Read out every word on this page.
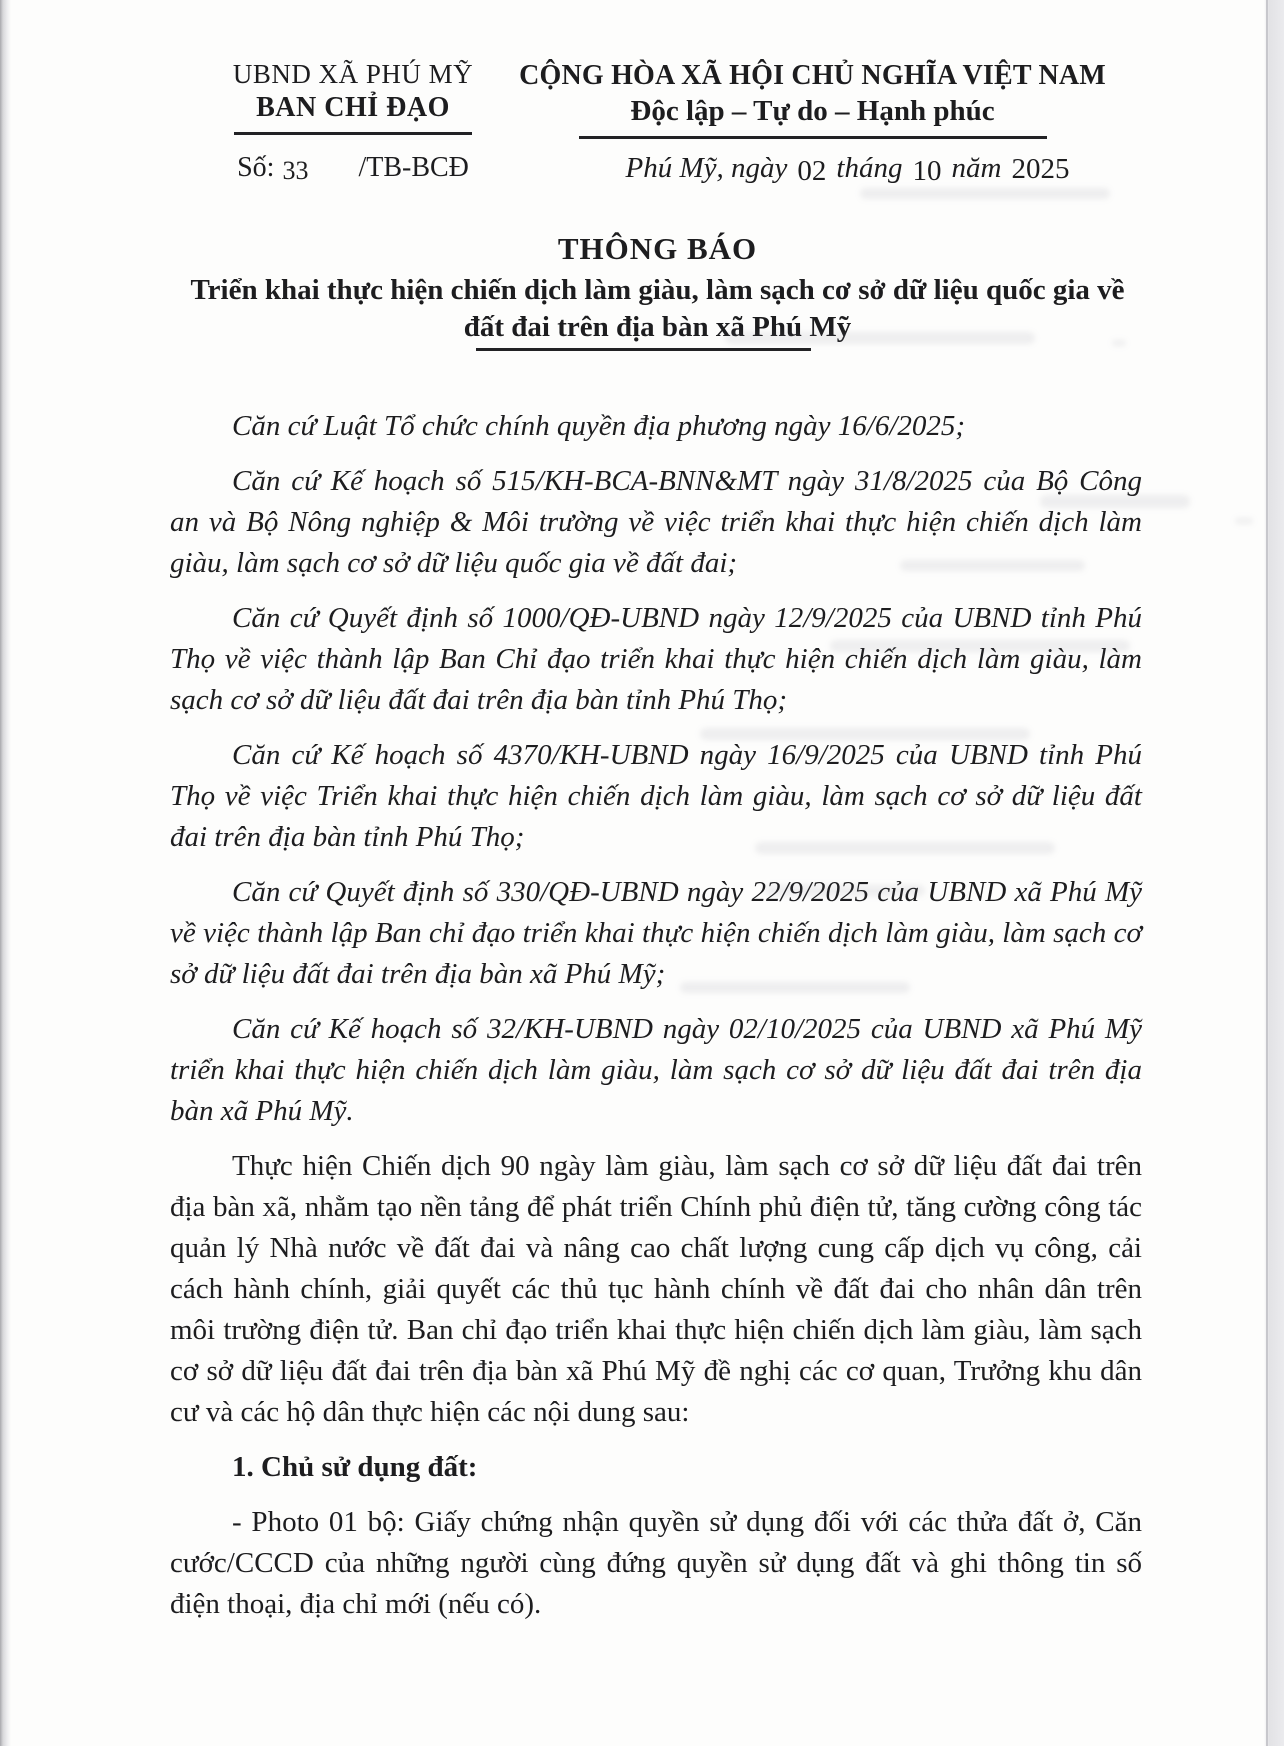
UBND XÃ PHÚ MỸ
BAN CHỈ ĐẠO
Số: 33 /TB-BCĐ
CỘNG HÒA XÃ HỘI CHỦ NGHĨA VIỆT NAM
Độc lập – Tự do – Hạnh phúc
Phú Mỹ, ngày 02 tháng 10 năm 2025
THÔNG BÁO
Triển khai thực hiện chiến dịch làm giàu, làm sạch cơ sở dữ liệu quốc gia về
đất đai trên địa bàn xã Phú Mỹ

Căn cứ Luật Tổ chức chính quyền địa phương ngày 16/6/2025;

Căn cứ Kế hoạch số 515/KH-BCA-BNN&MT ngày 31/8/2025 của Bộ Công an và Bộ Nông nghiệp & Môi trường về việc triển khai thực hiện chiến dịch làm giàu, làm sạch cơ sở dữ liệu quốc gia về đất đai;

Căn cứ Quyết định số 1000/QĐ-UBND ngày 12/9/2025 của UBND tỉnh Phú Thọ về việc thành lập Ban Chỉ đạo triển khai thực hiện chiến dịch làm giàu, làm sạch cơ sở dữ liệu đất đai trên địa bàn tỉnh Phú Thọ;

Căn cứ Kế hoạch số 4370/KH-UBND ngày 16/9/2025 của UBND tỉnh Phú Thọ về việc Triển khai thực hiện chiến dịch làm giàu, làm sạch cơ sở dữ liệu đất đai trên địa bàn tỉnh Phú Thọ;

Căn cứ Quyết định số 330/QĐ-UBND ngày 22/9/2025 của UBND xã Phú Mỹ về việc thành lập Ban chỉ đạo triển khai thực hiện chiến dịch làm giàu, làm sạch cơ sở dữ liệu đất đai trên địa bàn xã Phú Mỹ;

Căn cứ Kế hoạch số 32/KH-UBND ngày 02/10/2025 của UBND xã Phú Mỹ triển khai thực hiện chiến dịch làm giàu, làm sạch cơ sở dữ liệu đất đai trên địa bàn xã Phú Mỹ.

Thực hiện Chiến dịch 90 ngày làm giàu, làm sạch cơ sở dữ liệu đất đai trên địa bàn xã, nhằm tạo nền tảng để phát triển Chính phủ điện tử, tăng cường công tác quản lý Nhà nước về đất đai và nâng cao chất lượng cung cấp dịch vụ công, cải cách hành chính, giải quyết các thủ tục hành chính về đất đai cho nhân dân trên môi trường điện tử. Ban chỉ đạo triển khai thực hiện chiến dịch làm giàu, làm sạch cơ sở dữ liệu đất đai trên địa bàn xã Phú Mỹ đề nghị các cơ quan, Trưởng khu dân cư và các hộ dân thực hiện các nội dung sau:

1. Chủ sử dụng đất:

- Photo 01 bộ: Giấy chứng nhận quyền sử dụng đối với các thửa đất ở, Căn cước/CCCD của những người cùng đứng quyền sử dụng đất và ghi thông tin số điện thoại, địa chỉ mới (nếu có).
